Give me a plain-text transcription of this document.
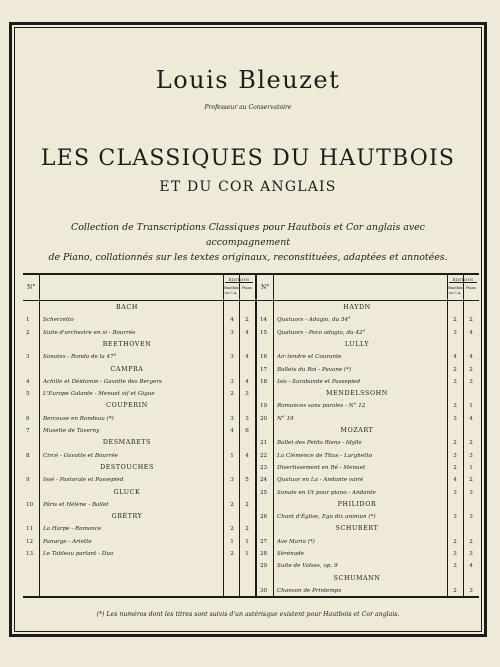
Louis Bleuzet
Professeur au Conservatoire
LES CLASSIQUES DU HAUTBOIS
ET DU COR ANGLAIS
Collection de Transcriptions Classiques pour Hautbois et Cor anglais avec accompagnement
de Piano, collationnés sur les textes originaux, reconstituées, adaptées et annotées.
N°
ÉDITION
Hautbois ou C.A.
Piano
BACH
1	Scherzetto	4	2
2	Suite d'orchestre en si - Bourrée	3	4
BEETHOVEN
3	Sonates - Rondo de la 47°	3	4
CAMPRA
4	Achille et Déidamie - Gavotte des Bergers	3	4
5	L'Europe Galante - Menuet vif et Gigue	2	3
COUPERIN
6	Berceuse en Rondeau (*)	3	3
7	Musette de Taverny	4	6
DESMARETS
8	Circé - Gavotte et Bourrée	1	4
DESTOUCHES
9	Issé - Pastorale et Passepied	3	5
GLUCK
10	Pâris et Hélène - Ballet	2	2
GRÉTRY
11	La Harpe - Romance	2	2
12	Panurge - Ariette	1	1
13	Le Tableau parlant - Duo	2	1
N°
ÉDITION
Hautbois ou C.A.
Piano
HAYDN
14	Quatuors - Adagio, du 54°	2	2
15	Quatuors - Poco adagio, du 42°	3	4
LULLY
16	Air tendre et Courante	4	4
17	Ballets du Roi - Pavane (*)	2	2
18	Isis - Sarabande et Passepied	3	3
MENDELSSOHN
19	Romances sans paroles - N° 12	3	1
20	N° 19	3	4
MOZART
21	Ballet des Petits Riens - Idylle	2	2
22	La Clémence de Titus - Larghetto	3	3
23	Divertissement en Ré - Menuet	2	1
24	Quatuor en La - Andante varié	4	2
25	Sonate en Ut pour piano - Andante	3	3
PHILIDOR
26	Chant d'Église, Ego dix unimun (*)	3	3
SCHUBERT
27	Ave Maria (*)	2	2
28	Sérénade	3	3
29	Suite de Valses, op. 9	3	4
SCHUMANN
30	Chanson de Printemps	2	3
(*) Les numéros dont les titres sont suivis d'un astérisque existent pour Hautbois et Cor anglais.
